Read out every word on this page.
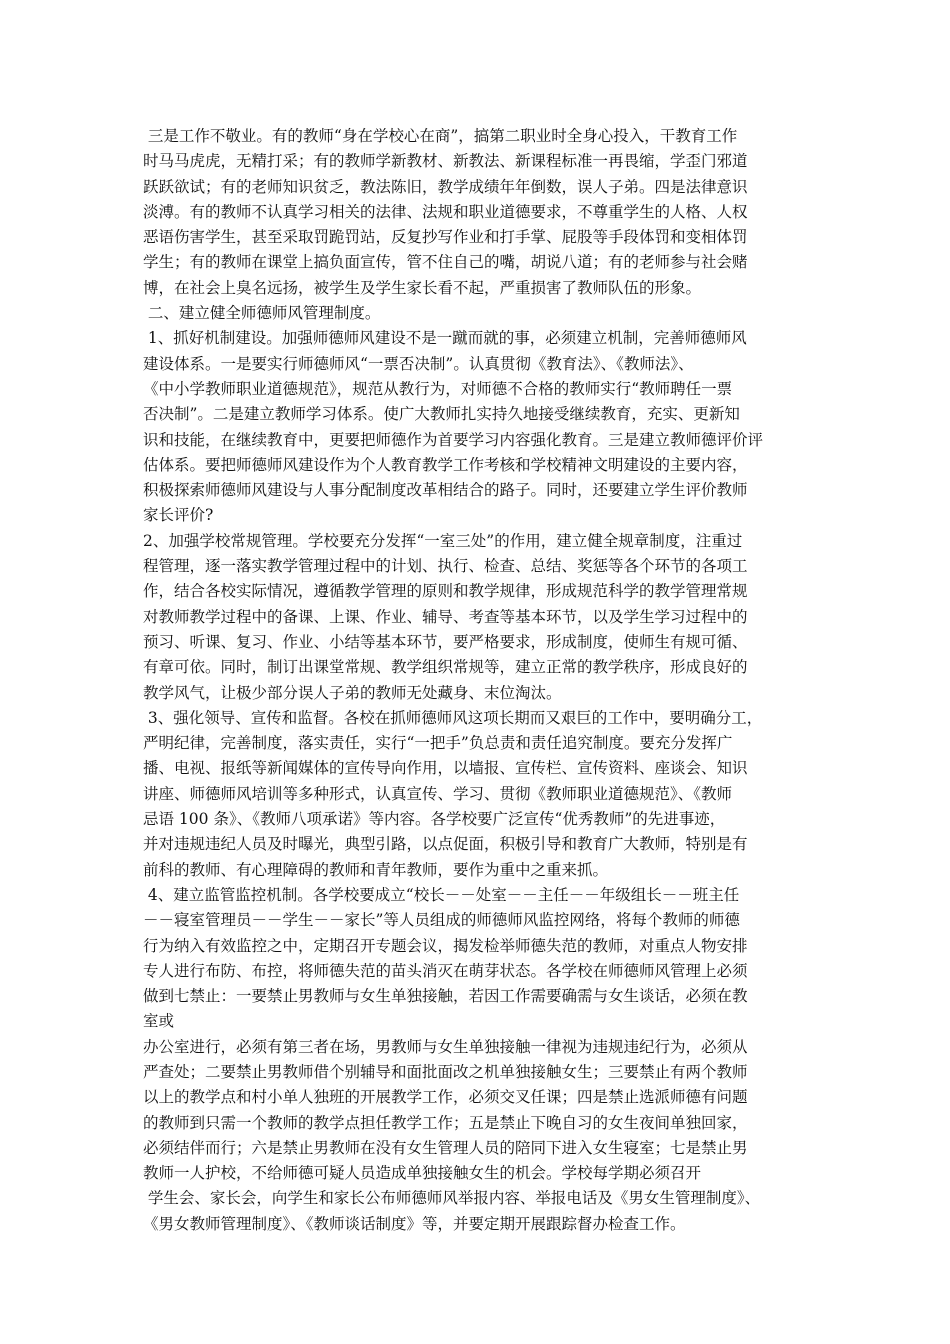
三是工作不敬业。有的教师“身在学校心在商”，搞第二职业时全身心投入，干教育工作
时马马虎虎，无精打采；有的教师学新教材、新教法、新课程标准一再畏缩，学歪门邪道
跃跃欲试；有的老师知识贫乏，教法陈旧，教学成绩年年倒数，误人子弟。四是法律意识
淡溥。有的教师不认真学习相关的法律、法规和职业道德要求，不尊重学生的人格、人权
恶语伤害学生，甚至采取罚跪罚站，反复抄写作业和打手掌、屁股等手段体罚和变相体罚
学生；有的教师在课堂上搞负面宣传，管不住自己的嘴，胡说八道；有的老师参与社会赌
博，在社会上臭名远扬，被学生及学生家长看不起，严重损害了教师队伍的形象。
二、建立健全师德师风管理制度。
1、抓好机制建设。加强师德师风建设不是一蹴而就的事，必须建立机制，完善师德师风
建设体系。一是要实行师德师风“一票否决制”。认真贯彻《教育法》、《教师法》、
《中小学教师职业道德规范》，规范从教行为，对师德不合格的教师实行“教师聘任一票
否决制”。二是建立教师学习体系。使广大教师扎实持久地接受继续教育，充实、更新知
识和技能，在继续教育中，更要把师德作为首要学习内容强化教育。三是建立教师德评价评
估体系。要把师德师风建设作为个人教育教学工作考核和学校精神文明建设的主要内容，
积极探索师德师风建设与人事分配制度改革相结合的路子。同时，还要建立学生评价教师
家长评价?
2、加强学校常规管理。学校要充分发挥“一室三处”的作用，建立健全规章制度，注重过
程管理，逐一落实教学管理过程中的计划、执行、检查、总结、奖惩等各个环节的各项工
作，结合各校实际情况，遵循教学管理的原则和教学规律，形成规范科学的教学管理常规
对教师教学过程中的备课、上课、作业、辅导、考查等基本环节，以及学生学习过程中的
预习、听课、复习、作业、小结等基本环节，要严格要求，形成制度，使师生有规可循、
有章可依。同时，制订出课堂常规、教学组织常规等，建立正常的教学秩序，形成良好的
教学风气，让极少部分误人子弟的教师无处藏身、末位淘汰。
3、强化领导、宣传和监督。各校在抓师德师风这项长期而又艰巨的工作中，要明确分工，
严明纪律，完善制度，落实责任，实行“一把手”负总责和责任追究制度。要充分发挥广
播、电视、报纸等新闻媒体的宣传导向作用，以墙报、宣传栏、宣传资料、座谈会、知识
讲座、师德师风培训等多种形式，认真宣传、学习、贯彻《教师职业道德规范》、《教师
忌语 100 条》、《教师八项承诺》等内容。各学校要广泛宣传“优秀教师”的先进事迹，
并对违规违纪人员及时曝光，典型引路，以点促面，积极引导和教育广大教师，特别是有
前科的教师、有心理障碍的教师和青年教师，要作为重中之重来抓。
4、建立监管监控机制。各学校要成立“校长－－处室－－主任－－年级组长－－班主任
－－寝室管理员－－学生－－家长”等人员组成的师德师风监控网络，将每个教师的师德
行为纳入有效监控之中，定期召开专题会议，揭发检举师德失范的教师，对重点人物安排
专人进行布防、布控，将师德失范的苗头消灭在萌芽状态。各学校在师德师风管理上必须
做到七禁止：一要禁止男教师与女生单独接触，若因工作需要确需与女生谈话，必须在教
室或
办公室进行，必须有第三者在场，男教师与女生单独接触一律视为违规违纪行为，必须从
严查处；二要禁止男教师借个别辅导和面批面改之机单独接触女生；三要禁止有两个教师
以上的教学点和村小单人独班的开展教学工作，必须交叉任课；四是禁止选派师德有问题
的教师到只需一个教师的教学点担任教学工作；五是禁止下晚自习的女生夜间单独回家，
必须结伴而行；六是禁止男教师在没有女生管理人员的陪同下进入女生寝室；七是禁止男
教师一人护校，不给师德可疑人员造成单独接触女生的机会。学校每学期必须召开
学生会、家长会，向学生和家长公布师德师风举报内容、举报电话及《男女生管理制度》、
《男女教师管理制度》、《教师谈话制度》等，并要定期开展跟踪督办检查工作。
